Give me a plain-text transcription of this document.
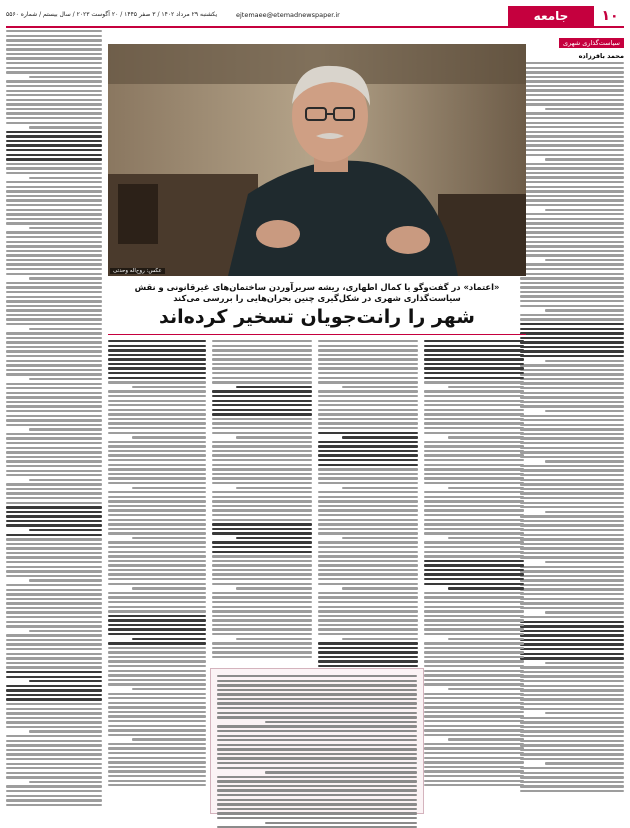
۱۰
جامعه
ejtemaee@etemadnewspaper.ir
یکشنبه ۲۹ مرداد ۱۴۰۲ / ۳ صفر ۱۴۴۵ / ۲۰ آگوست ۲۰۲۳ / سال بیستم / شماره ۵۵۶۰
سیاست‌گذاری شهری
محمد باقرزاده
عکس: روح‌اله وحدتی
«اعتماد» در گفت‌وگو با کمال اطهاری، ریشه سربرآوردن ساختمان‌های غیرقانونی و نقش سیاست‌گذاری شهری در شکل‌گیری چنین بحران‌هایی را بررسی می‌کند
شهر را رانت‌جویان تسخیر کرده‌اند
